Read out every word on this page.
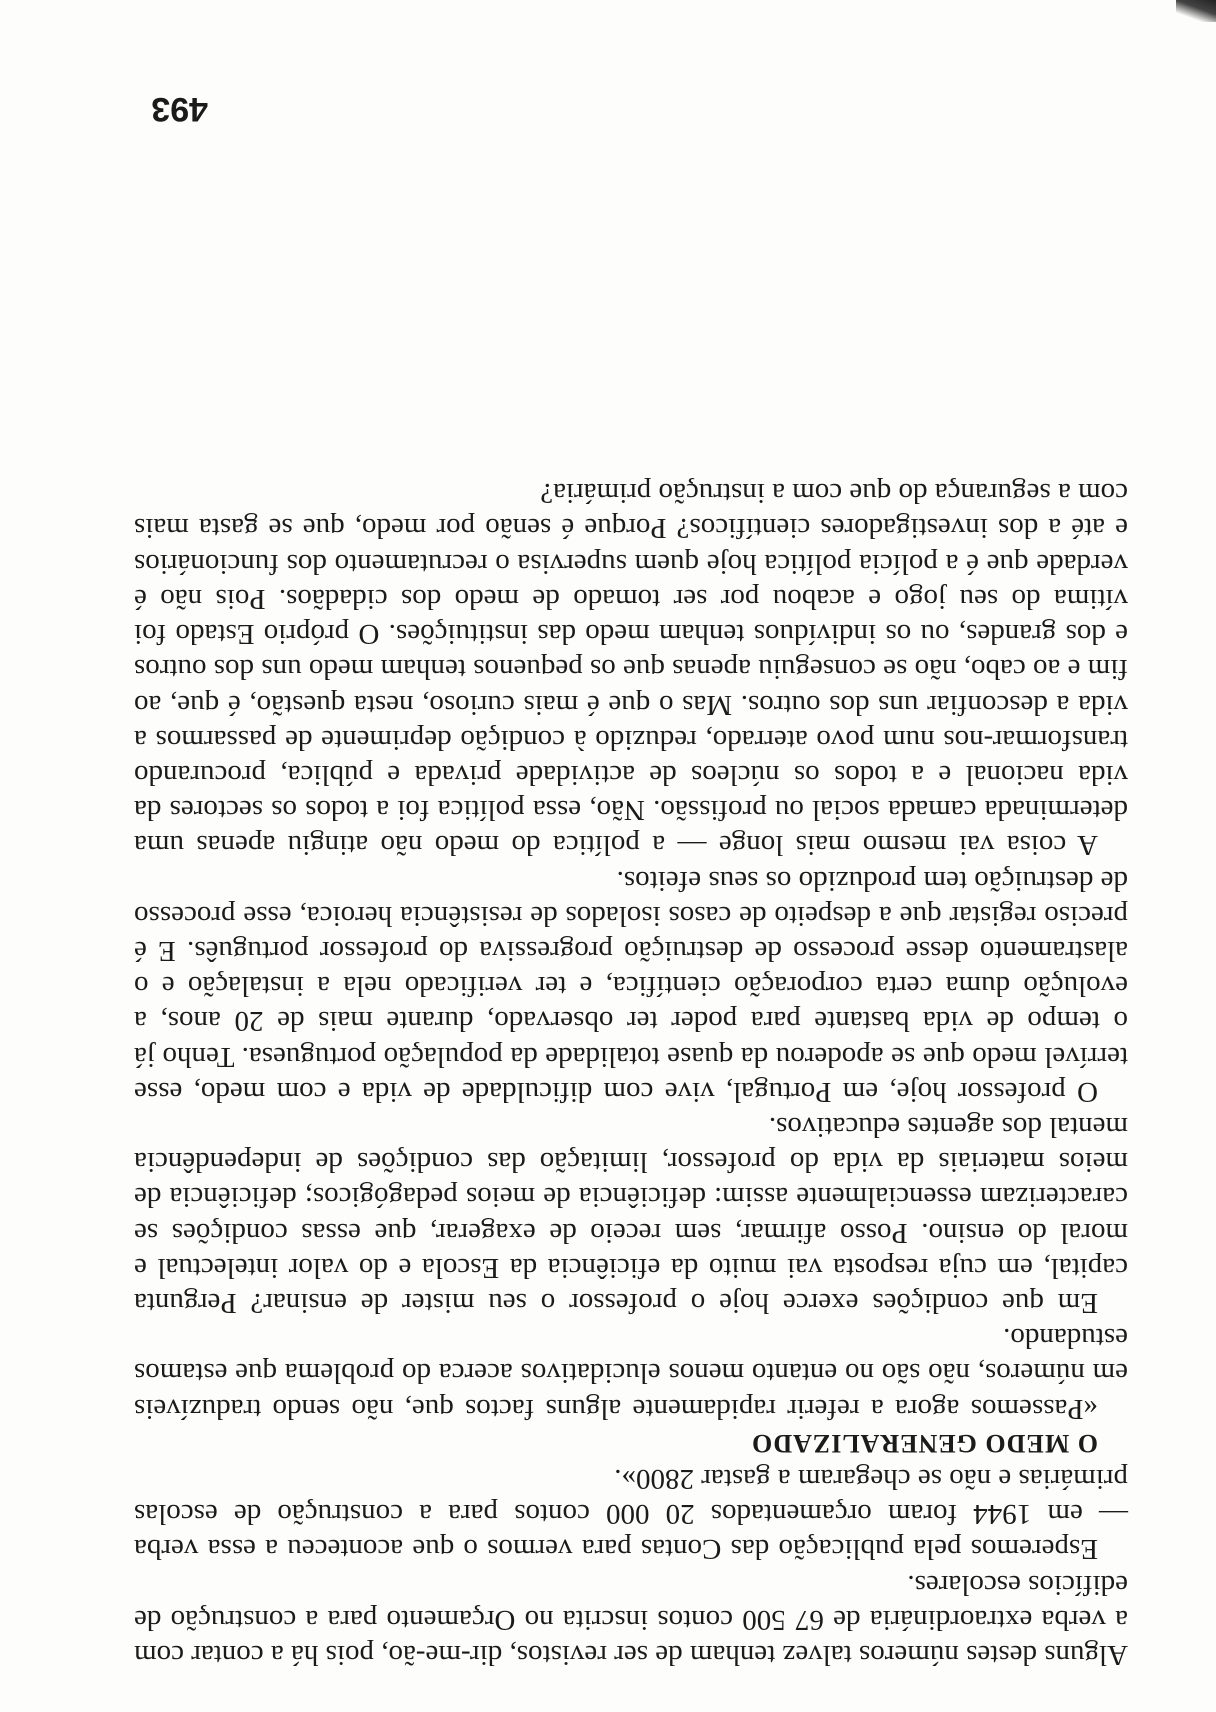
Alguns destes números talvez tenham de ser revistos, dir-me-ão, pois há a contar com a verba extraordinária de 67 500 contos inscrita no Orçamento para a construção de edifícios escolares.

Esperemos pela publicação das Contas para vermos o que aconteceu a essa verba — em 1944 foram orçamentados 20 000 contos para a construção de escolas primárias e não se chegaram a gastar 2800».

O MEDO GENERALIZADO

«Passemos agora a referir rapidamente alguns factos que, não sendo traduzíveis em números, não são no entanto menos elucidativos acerca do problema que estamos estudando.

Em que condições exerce hoje o professor o seu mister de ensinar? Pergunta capital, em cuja resposta vai muito da eficiência da Escola e do valor intelectual e moral do ensino. Posso afirmar, sem receio de exagerar, que essas condições se caracterizam essencialmente assim: deficiência de meios pedagógicos; deficiência de meios materiais da vida do professor, limitação das condições de independência mental dos agentes educativos.

O professor hoje, em Portugal, vive com dificuldade de vida e com medo, esse terrível medo que se apoderou da quase totalidade da população portuguesa. Tenho já o tempo de vida bastante para poder ter observado, durante mais de 20 anos, a evolução duma certa corporação científica, e ter verificado nela a instalação e o alastramento desse processo de destruição progressiva do professor português. E é preciso registar que a despeito de casos isolados de resistência heroica, esse processo de destruição tem produzido os seus efeitos.

A coisa vai mesmo mais longe — a política do medo não atingiu apenas uma determinada camada social ou profissão. Não, essa política foi a todos os sectores da vida nacional e a todos os núcleos de actividade privada e pública, procurando transformar-nos num povo aterrado, reduzido à condição deprimente de passarmos a vida a desconfiar uns dos outros. Mas o que é mais curioso, nesta questão, é que, ao fim e ao cabo, não se conseguiu apenas que os pequenos tenham medo uns dos outros e dos grandes, ou os indivíduos tenham medo das instituições. O próprio Estado foi vítima do seu jogo e acabou por ser tomado de medo dos cidadãos. Pois não é verdade que é a polícia política hoje quem supervisa o recrutamento dos funcionários e até a dos investigadores científicos? Porque é senão por medo, que se gasta mais com a segurança do que com a instrução primária?

493
